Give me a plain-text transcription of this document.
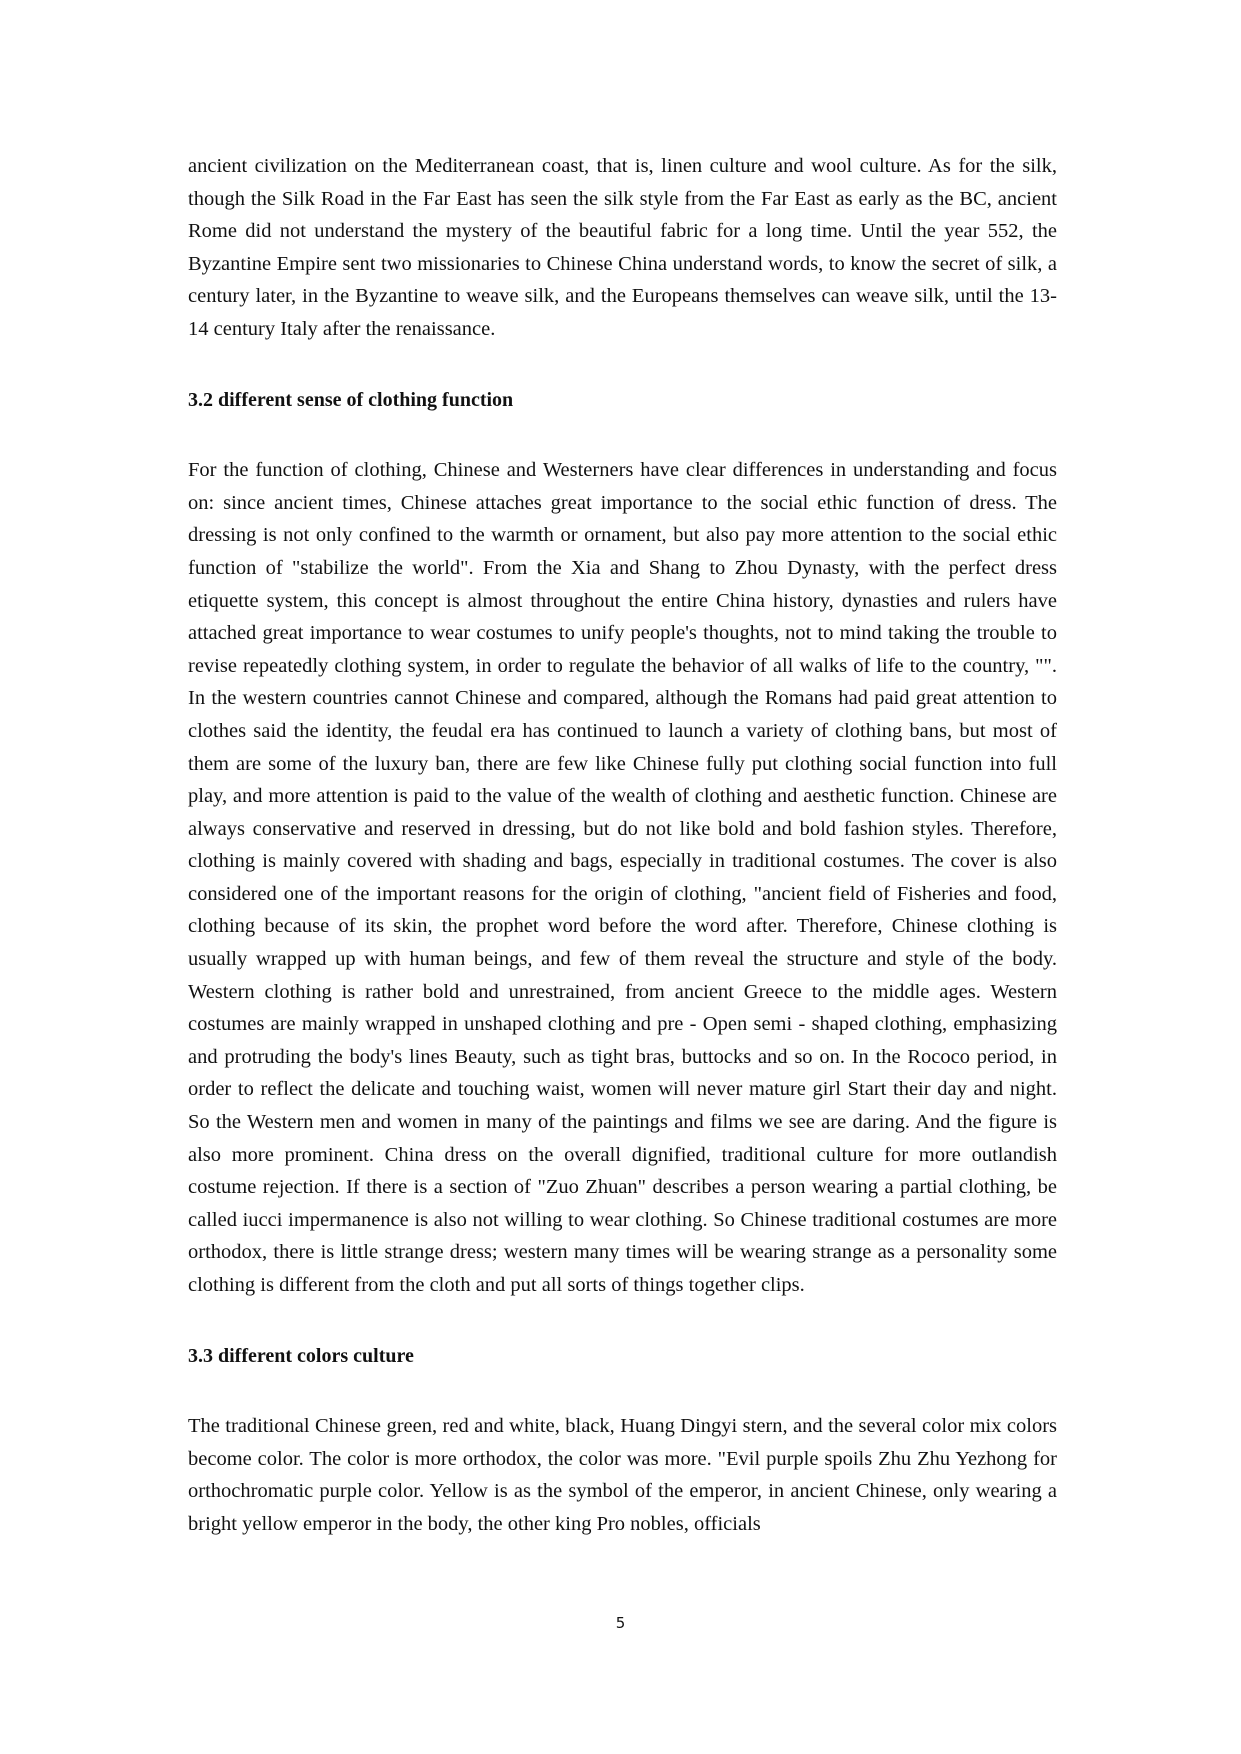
ancient civilization on the Mediterranean coast, that is, linen culture and wool culture. As for the silk, though the Silk Road in the Far East has seen the silk style from the Far East as early as the BC, ancient Rome did not understand the mystery of the beautiful fabric for a long time. Until the year 552, the Byzantine Empire sent two missionaries to Chinese China understand words, to know the secret of silk, a century later, in the Byzantine to weave silk, and the Europeans themselves can weave silk, until the 13-14 century Italy after the renaissance.

3.2 different sense of clothing function

For the function of clothing, Chinese and Westerners have clear differences in understanding and focus on: since ancient times, Chinese attaches great importance to the social ethic function of dress. The dressing is not only confined to the warmth or ornament, but also pay more attention to the social ethic function of "stabilize the world". From the Xia and Shang to Zhou Dynasty, with the perfect dress etiquette system, this concept is almost throughout the entire China history, dynasties and rulers have attached great importance to wear costumes to unify people's thoughts, not to mind taking the trouble to revise repeatedly clothing system, in order to regulate the behavior of all walks of life to the country, "". In the western countries cannot Chinese and compared, although the Romans had paid great attention to clothes said the identity, the feudal era has continued to launch a variety of clothing bans, but most of them are some of the luxury ban, there are few like Chinese fully put clothing social function into full play, and more attention is paid to the value of the wealth of clothing and aesthetic function. Chinese are always conservative and reserved in dressing, but do not like bold and bold fashion styles. Therefore, clothing is mainly covered with shading and bags, especially in traditional costumes. The cover is also considered one of the important reasons for the origin of clothing, "ancient field of Fisheries and food, clothing because of its skin, the prophet word before the word after. Therefore, Chinese clothing is usually wrapped up with human beings, and few of them reveal the structure and style of the body. Western clothing is rather bold and unrestrained, from ancient Greece to the middle ages. Western costumes are mainly wrapped in unshaped clothing and pre - Open semi - shaped clothing, emphasizing and protruding the body's lines Beauty, such as tight bras, buttocks and so on. In the Rococo period, in order to reflect the delicate and touching waist, women will never mature girl Start their day and night. So the Western men and women in many of the paintings and films we see are daring. And the figure is also more prominent. China dress on the overall dignified, traditional culture for more outlandish costume rejection. If there is a section of "Zuo Zhuan" describes a person wearing a partial clothing, be called iucci impermanence is also not willing to wear clothing. So Chinese traditional costumes are more orthodox, there is little strange dress; western many times will be wearing strange as a personality some clothing is different from the cloth and put all sorts of things together clips.

3.3 different colors culture

The traditional Chinese green, red and white, black, Huang Dingyi stern, and the several color mix colors become color. The color is more orthodox, the color was more. "Evil purple spoils Zhu Zhu Yezhong for orthochromatic purple color. Yellow is as the symbol of the emperor, in ancient Chinese, only wearing a bright yellow emperor in the body, the other king Pro nobles, officials

5
